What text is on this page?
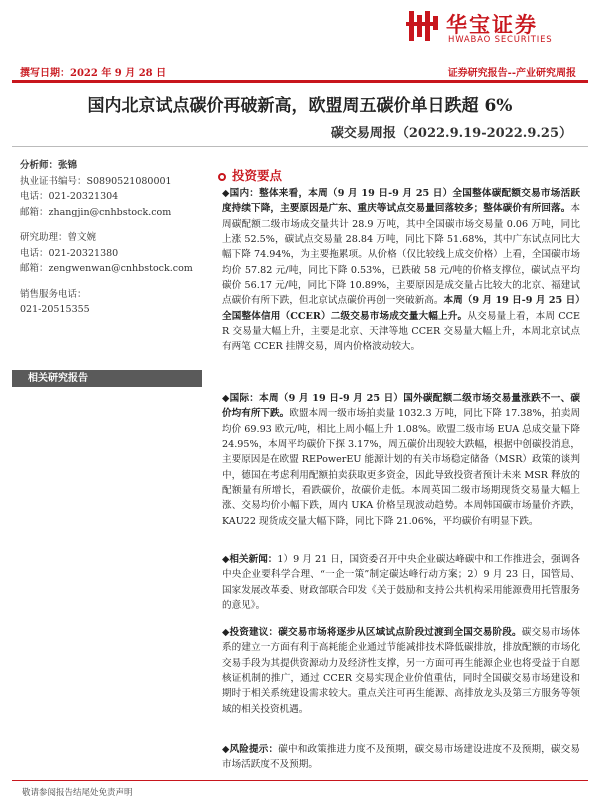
华宝证券
HWABAO SECURITIES
撰写日期：2022 年 9 月 28 日	证券研究报告--产业研究周报
国内北京试点碳价再破新高，欧盟周五碳价单日跌超 6%
碳交易周报（2022.9.19-2022.9.25）
分析师：张锦
执业证书编号：S0890521080001
电话：021-20321304
邮箱：zhangjin@cnhbstock.com
研究助理：曾文婉
电话：021-20321380
邮箱：zengwenwan@cnhbstock.com
销售服务电话：
021-20515355
相关研究报告
投资要点
◆国内：整体来看，本周（9 月 19 日-9 月 25 日）全国整体碳配额交易市场活跃度持续下降，主要原因是广东、重庆等试点交易量回落较多；整体碳价有所回落。本周碳配额二级市场成交量共计 28.9 万吨，其中全国碳市场交易量 0.06 万吨，同比上涨 52.5%，碳试点交易量 28.84 万吨，同比下降 51.68%，其中广东试点同比大幅下降 74.94%，为主要拖累项。从价格（仅比较线上成交价格）上看，全国碳市场均价 57.82 元/吨，同比下降 0.53%，已跌破 58 元/吨的价格支撑位，碳试点平均碳价 56.17 元/吨，同比下降 10.89%，主要原因是成交量占比较大的北京、福建试点碳价有所下跌，但北京试点碳价再创一突破新高。本周（9 月 19 日-9 月 25 日）全国整体信用（CCER）二级交易市场成交量大幅上升。从交易量上看，本周 CCER 交易量大幅上升，主要是北京、天津等地 CCER 交易量大幅上升，本周北京试点有两笔 CCER 挂牌交易，周内价格波动较大。
◆国际：本周（9 月 19 日-9 月 25 日）国外碳配额二级市场交易量涨跌不一、碳价均有所下跌。欧盟本周一级市场拍卖量 1032.3 万吨，同比下降 17.38%，拍卖周均价 69.93 欧元/吨，相比上周小幅上升 1.08%。欧盟二级市场 EUA 总成交量下降 24.95%，本周平均碳价下探 3.17%，周五碳价出现较大跌幅，根据中创碳投消息，主要原因是在欧盟 REPowerEU 能源计划的有关市场稳定储备（MSR）政策的谈判中，德国在考虑利用配额拍卖获取更多资金，因此导致投资者预计未来 MSR 释放的配额量有所增长，看跌碳价，故碳价走低。本周英国二级市场期现货交易量大幅上涨、交易均价小幅下跌，周内 UKA 价格呈现波动趋势。本周韩国碳市场量价齐跌，KAU22 现货成交量大幅下降，同比下降 21.06%，平均碳价有明显下跌。
◆相关新闻：1）9 月 21 日，国资委召开中央企业碳达峰碳中和工作推进会，强调各中央企业要科学合理、“一企一策”制定碳达峰行动方案；2）9 月 23 日，国管局、国家发展改革委、财政部联合印发《关于鼓励和支持公共机构采用能源费用托管服务的意见》。
◆投资建议：碳交易市场将逐步从区域试点阶段过渡到全国交易阶段。碳交易市场体系的建立一方面有利于高耗能企业通过节能减排技术降低碳排放，排放配额的市场化交易手段为其提供资源动力及经济性支撑，另一方面可再生能源企业也将受益于自愿核证机制的推广，通过 CCER 交易实现企业价值重估，同时全国碳交易市场建设和期时于相关系统建设需求较大。重点关注可再生能源、高排放龙头及第三方服务等领域的相关投资机遇。
◆风险提示：碳中和政策推进力度不及预期，碳交易市场建设进度不及预期，碳交易市场活跃度不及预期。
敬请参阅报告结尾处免责声明
